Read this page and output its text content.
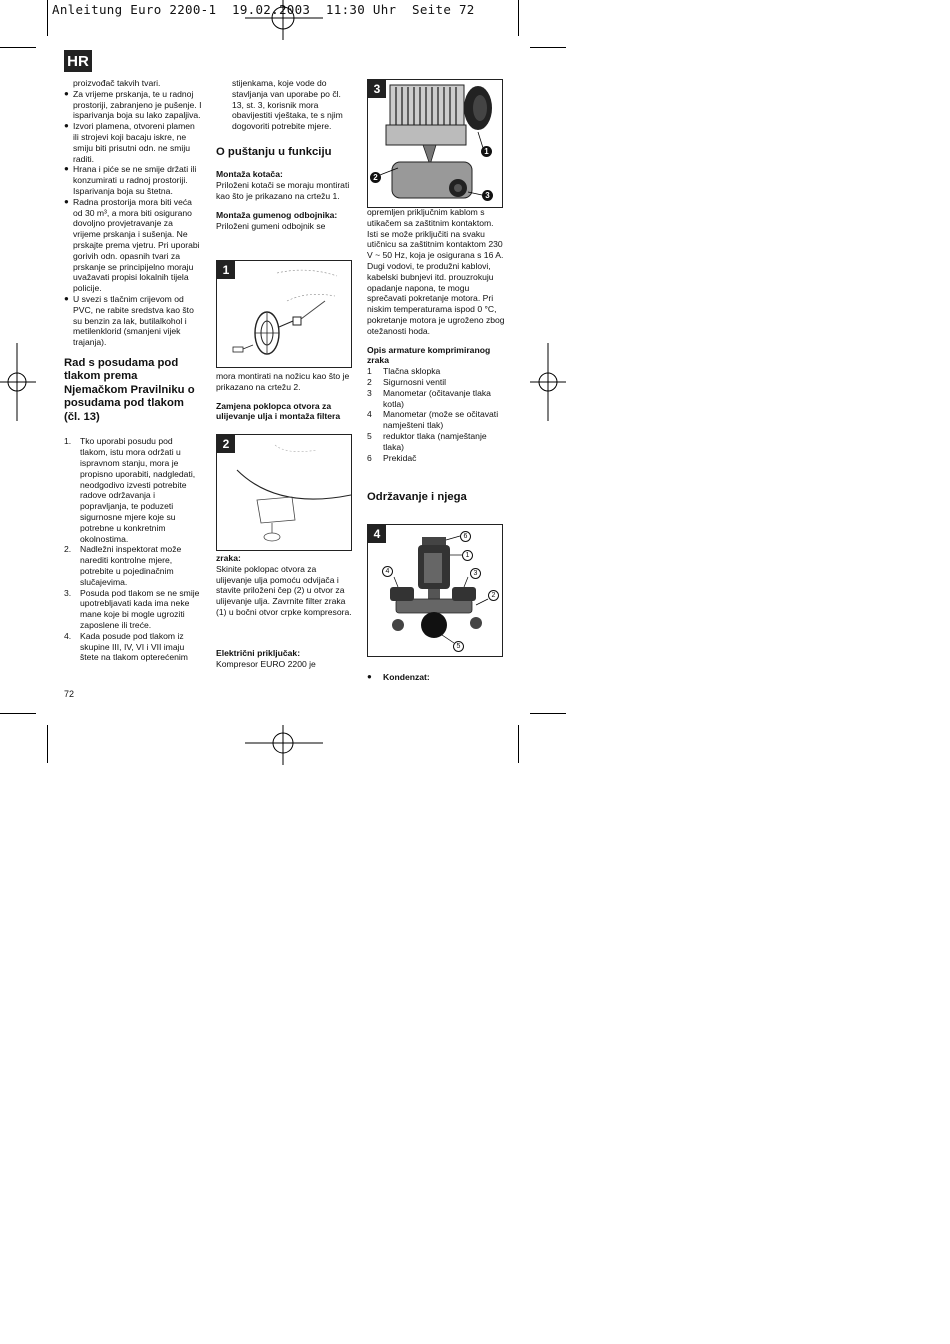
Anleitung Euro 2200-1 19.02.2003 11:30 Uhr Seite 72
HR

proizvođač takvih tvari.

● Za vrijeme prskanja, te u radnoj prostoriji, zabranjeno je pušenje. I isparivanja boja su lako zapaljiva.

● Izvori plamena, otvoreni plamen ili strojevi koji bacaju iskre, ne smiju biti prisutni odn. ne smiju raditi.

● Hrana i piće se ne smije držati ili konzumirati u radnoj prostoriji. Isparivanja boja su štetna.

● Radna prostorija mora biti veća od 30 m³, a mora biti osigurano dovoljno provjetravanje za vrijeme prskanja i sušenja. Ne prskajte prema vjetru. Pri uporabi gorivih odn. opasnih tvari za prskanje se principijelno moraju uvažavati propisi lokalnih tijela policije.

● U svezi s tlačnim crijevom od PVC, ne rabite sredstva kao što su benzin za lak, butilalkohol i metilenklorid (smanjeni vijek trajanja).

Rad s posudama pod tlakom prema Njemačkom Pravilniku o posudama pod tlakom (čl. 13)

1. Tko uporabi posudu pod tlakom, istu mora održati u ispravnom stanju, mora je propisno uporabiti, nadgledati, neodgodivo izvesti potrebite radove održavanja i popravljanja, te poduzeti sigurnosne mjere koje su potrebne u konkretnim okolnostima.

2. Nadležni inspektorat može narediti kontrolne mjere, potrebite u pojedinačnim slučajevima.

3. Posuda pod tlakom se ne smije upotrebljavati kada ima neke mane koje bi mogle ugroziti zaposlene ili treće.

4. Kada posude pod tlakom iz skupine III, IV, VI i VII imaju štete na tlakom opterećenim

72

stijenkama, koje vode do stavljanja van uporabe po čl. 13, st. 3, korisnik mora obavijestiti vještaka, te s njim dogovoriti potrebite mjere.

O puštanju u funkciju

Montaža kotača:

Priloženi kotači se moraju montirati kao što je prikazano na crtežu 1.

Montaža gumenog odbojnika:

Priloženi gumeni odbojnik se

1

mora montirati na nožicu kao što je prikazano na crtežu 2.

Zamjena poklopca otvora za ulijevanje ulja i montaža filtera

2

zraka:

Skinite poklopac otvora za ulijevanje ulja pomoću odvijača i stavite priloženi čep (2) u otvor za ulijevanje ulja. Zavrnite filter zraka (1) u bočni otvor crpke kompresora.

Električni priključak:

Kompresor EURO 2200 je

3
1
2
3

opremljen priključnim kablom s utikačem sa zaštitnim kontaktom. Isti se može priključiti na svaku utičnicu sa zaštitnim kontaktom 230 V ~ 50 Hz, koja je osigurana s 16 A. Dugi vodovi, te produžni kablovi, kabelski bubnjevi itd. prouzrokuju opadanje napona, te mogu sprečavati pokretanje motora. Pri niskim temperaturama ispod 0 °C, pokretanje motora je ugroženo zbog otežanosti hoda.

Opis armature komprimiranog zraka

1 Tlačna sklopka

2 Sigurnosni ventil

3 Manometar (očitavanje tlaka kotla)

4 Manometar (može se očitavati namješteni tlak)

5 reduktor tlaka (namještanje tlaka)

6 Prekidač

Održavanje i njega

4	6
1
4	3
2
5

● Kondenzat:
